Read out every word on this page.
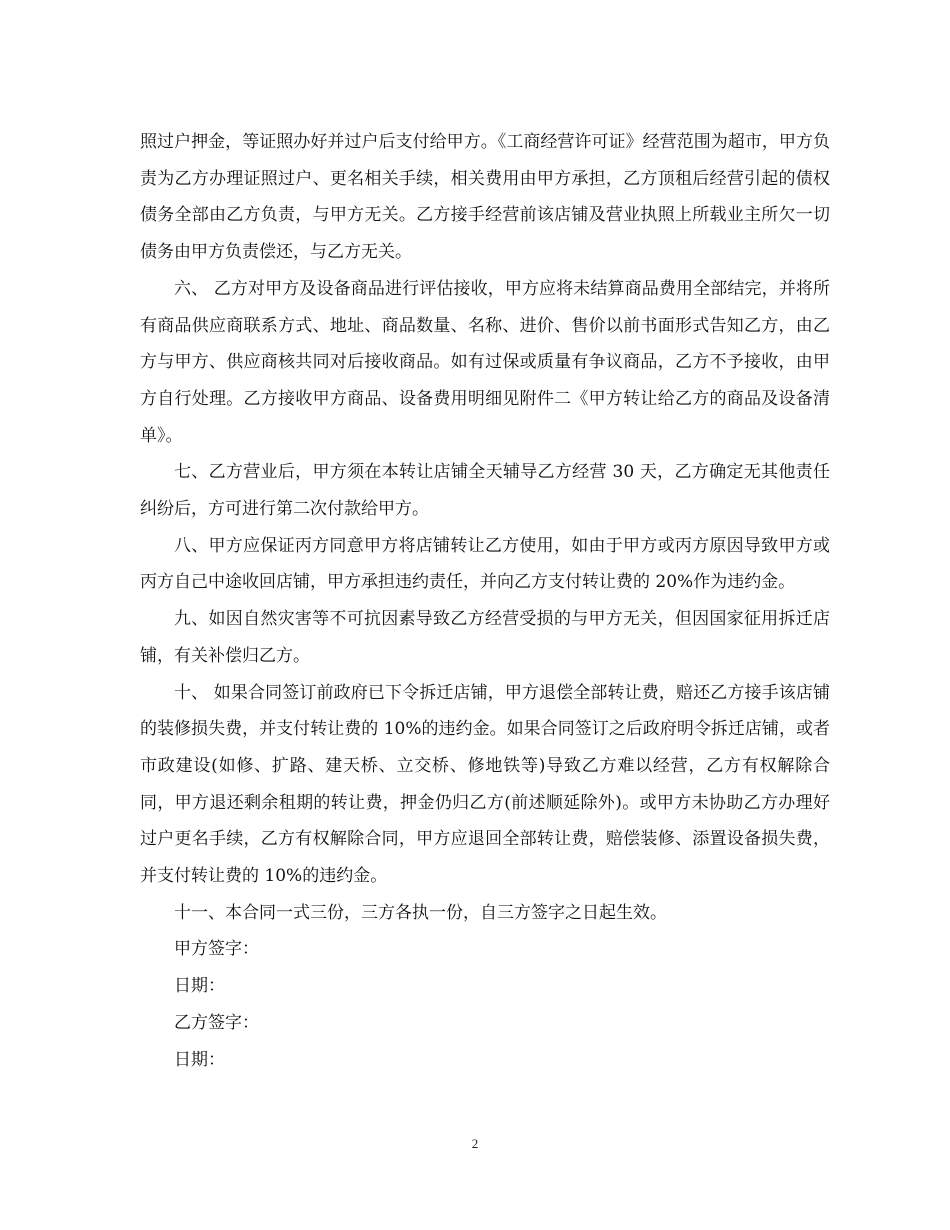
照过户押金，等证照办好并过户后支付给甲方。《工商经营许可证》经营范围为超市，甲方负责为乙方办理证照过户、更名相关手续，相关费用由甲方承担，乙方顶租后经营引起的债权债务全部由乙方负责，与甲方无关。乙方接手经营前该店铺及营业执照上所载业主所欠一切债务由甲方负责偿还，与乙方无关。

六、 乙方对甲方及设备商品进行评估接收，甲方应将未结算商品费用全部结完，并将所有商品供应商联系方式、地址、商品数量、名称、进价、售价以前书面形式告知乙方，由乙方与甲方、供应商核共同对后接收商品。如有过保或质量有争议商品，乙方不予接收，由甲方自行处理。乙方接收甲方商品、设备费用明细见附件二《甲方转让给乙方的商品及设备清单》。

七、乙方营业后，甲方须在本转让店铺全天辅导乙方经营 30 天，乙方确定无其他责任纠纷后，方可进行第二次付款给甲方。

八、甲方应保证丙方同意甲方将店铺转让乙方使用，如由于甲方或丙方原因导致甲方或丙方自己中途收回店铺，甲方承担违约责任，并向乙方支付转让费的 20%作为违约金。

九、如因自然灾害等不可抗因素导致乙方经营受损的与甲方无关，但因国家征用拆迁店铺，有关补偿归乙方。

十、 如果合同签订前政府已下令拆迁店铺，甲方退偿全部转让费，赔还乙方接手该店铺的装修损失费，并支付转让费的 10%的违约金。如果合同签订之后政府明令拆迁店铺，或者市政建设(如修、扩路、建天桥、立交桥、修地铁等)导致乙方难以经营，乙方有权解除合同，甲方退还剩余租期的转让费，押金仍归乙方(前述顺延除外)。或甲方未协助乙方办理好过户更名手续，乙方有权解除合同，甲方应退回全部转让费，赔偿装修、添置设备损失费，并支付转让费的 10%的违约金。

十一、本合同一式三份，三方各执一份，自三方签字之日起生效。

甲方签字：

日期：

乙方签字：

日期：

2
